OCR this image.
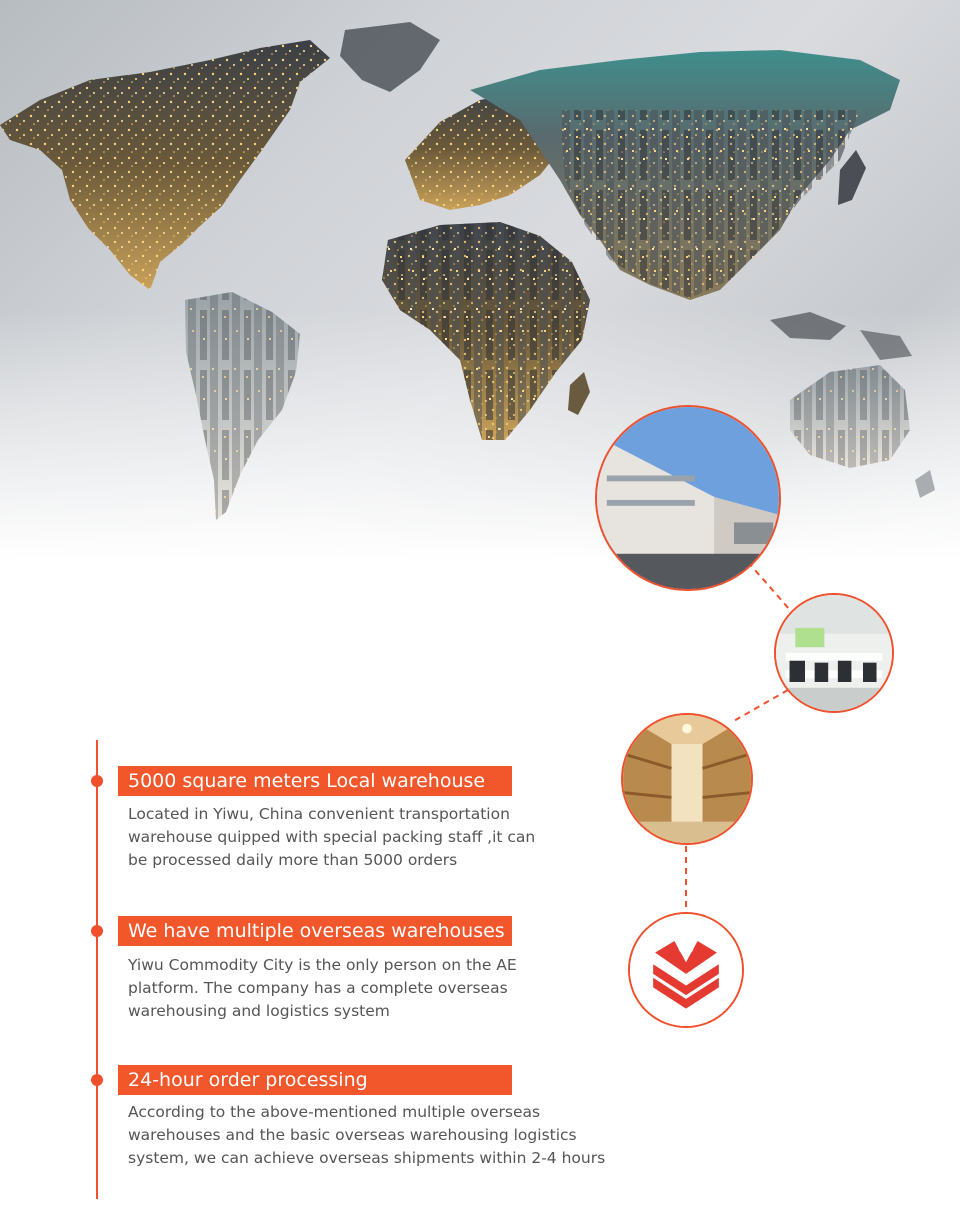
5000 square meters Local warehouse
Located in Yiwu, China convenient transportation
warehouse quipped with special packing staff ,it can
be processed daily more than 5000 orders
We have multiple overseas warehouses
Yiwu Commodity City is the only person on the AE
platform. The company has a complete overseas
warehousing and logistics system
24-hour order processing
According to the above-mentioned multiple overseas
warehouses and the basic overseas warehousing logistics
system, we can achieve overseas shipments within 2-4 hours
